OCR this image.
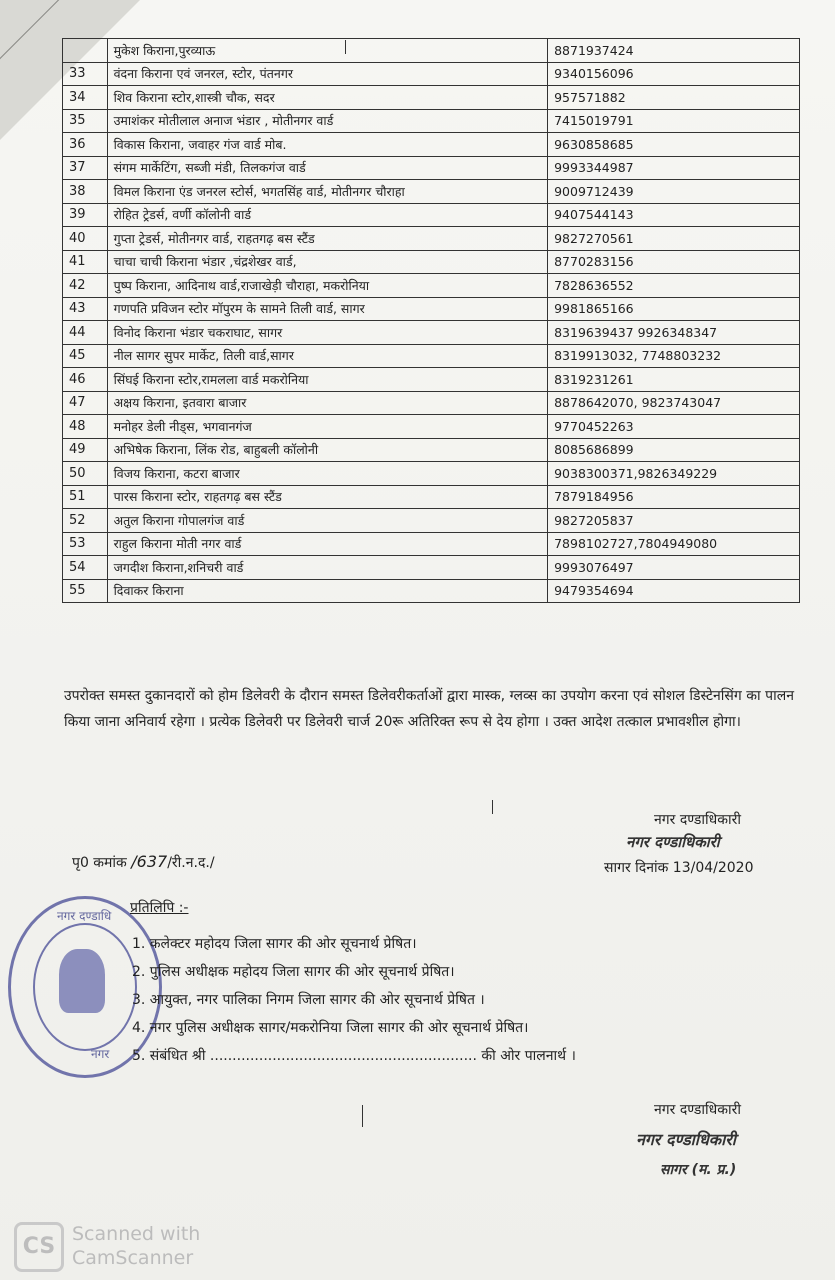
	मुकेश किराना,पुरव्याऊ	8871937424
33	वंदना किराना एवं जनरल, स्टोर, पंतनगर	9340156096
34	शिव किराना स्टोर,शास्त्री चौक, सदर	957571882
35	उमाशंकर मोतीलाल अनाज भंडार , मोतीनगर वार्ड	7415019791
36	विकास किराना, जवाहर गंज वार्ड मोब.	9630858685
37	संगम मार्केटिंग, सब्जी मंडी, तिलकगंज वार्ड	9993344987
38	विमल किराना एंड जनरल स्टोर्स, भगतसिंह वार्ड, मोतीनगर चौराहा	9009712439
39	रोहित ट्रेडर्स, वर्णी कॉलोनी वार्ड	9407544143
40	गुप्ता ट्रेडर्स, मोतीनगर वार्ड, राहतगढ़ बस स्टैंड	9827270561
41	चाचा चाची किराना भंडार ,चंद्रशेखर वार्ड,	8770283156
42	पुष्प किराना, आदिनाथ वार्ड,राजाखेड़ी चौराहा, मकरोनिया	7828636552
43	गणपति प्रविजन स्टोर मॉपुरम के सामने तिली वार्ड, सागर	9981865166
44	विनोद किराना भंडार चकराघाट, सागर	8319639437 9926348347
45	नील सागर सुपर मार्केट, तिली वार्ड,सागर	8319913032, 7748803232
46	सिंघई किराना स्टोर,रामलला वार्ड मकरोनिया	8319231261
47	अक्षय किराना, इतवारा बाजार	8878642070, 9823743047
48	मनोहर डेली नीड्स, भगवानगंज	9770452263
49	अभिषेक किराना, लिंक रोड, बाहुबली कॉलोनी	8085686899
50	विजय किराना, कटरा बाजार	9038300371,9826349229
51	पारस किराना स्टोर, राहतगढ़ बस स्टैंड	7879184956
52	अतुल किराना गोपालगंज वार्ड	9827205837
53	राहुल किराना मोती नगर वार्ड	7898102727,7804949080
54	जगदीश किराना,शनिचरी वार्ड	9993076497
55	दिवाकर किराना	9479354694
उपरोक्त समस्त दुकानदारों को होम डिलेवरी के दौरान समस्त डिलेवरीकर्ताओं द्वारा मास्क, ग्लव्स का उपयोग करना एवं सोशल डिस्टेनसिंग का पालन किया जाना अनिवार्य रहेगा । प्रत्येक डिलेवरी पर डिलेवरी चार्ज 20रू अतिरिक्त रूप से देय होगा । उक्त आदेश तत्काल प्रभावशील होगा।
नगर दण्डाधिकारी
नगर दण्डाधिकारी
सागर दिनांक 13/04/2020
पृ0 कमांक /637/री.न.द./
नगर दण्डाधि
नगर
प्रतिलिपि :-
1. कलेक्टर महोदय जिला सागर की ओर सूचनार्थ प्रेषित।
2. पुलिस अधीक्षक महोदय जिला सागर की ओर सूचनार्थ प्रेषित।
3. आयुक्त, नगर पालिका निगम जिला सागर की ओर सूचनार्थ प्रेषित ।
4. नगर पुलिस अधीक्षक सागर/मकरोनिया जिला सागर की ओर सूचनार्थ प्रेषित।
5. संबंधित श्री ............................................................ की ओर पालनार्थ ।
नगर दण्डाधिकारी
नगर दण्डाधिकारी
सागर (म. प्र.)
CS Scanned with
CamScanner
